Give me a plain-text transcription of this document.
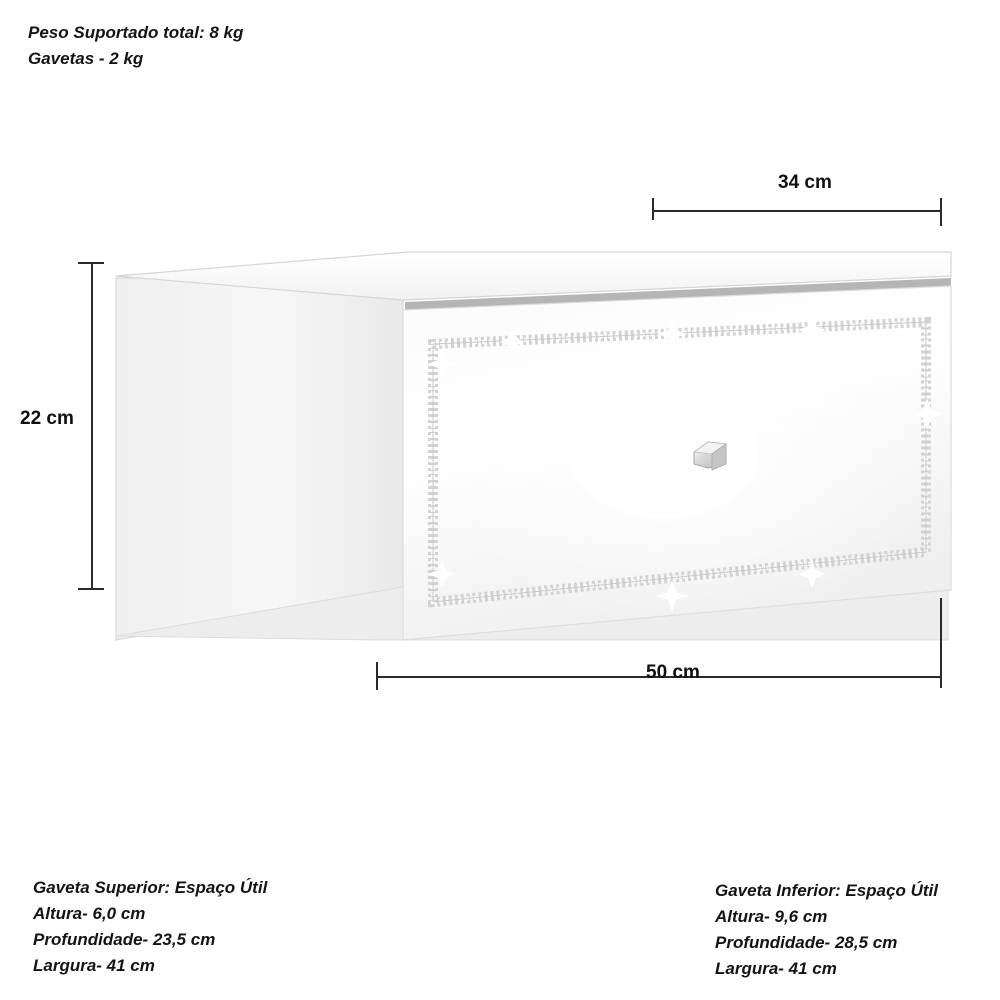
Peso Suportado total: 8 kg
Gavetas - 2 kg
34 cm
22 cm
50 cm
Gaveta Superior: Espaço Útil
Altura- 6,0 cm
Profundidade- 23,5 cm
Largura- 41 cm
Gaveta Inferior: Espaço Útil
Altura- 9,6 cm
Profundidade- 28,5 cm
Largura- 41 cm
